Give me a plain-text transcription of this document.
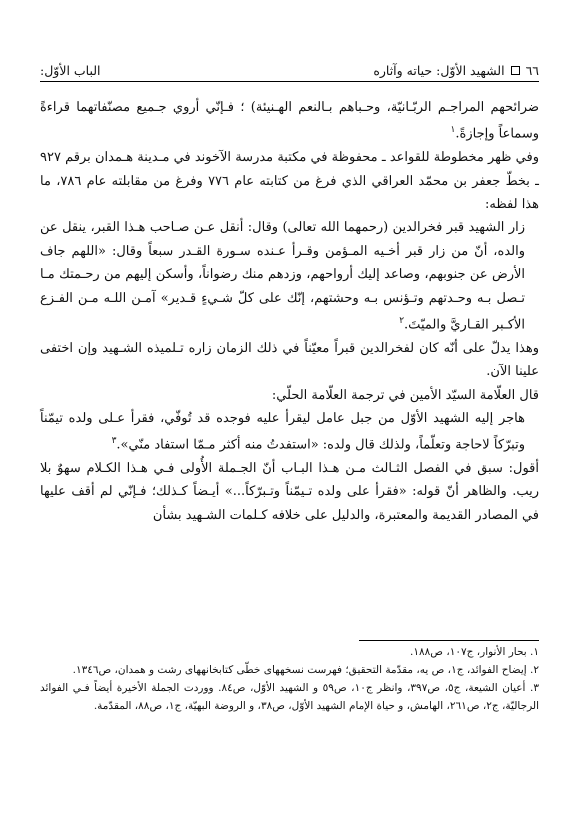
٦٦
الشهيد الأوّل: حياته وآثاره
الباب الأوّل:

ضرائحهم المراجـم الربّـانيّة، وحـباهم بـالنعم الهـنيئة) ؛ فـإنّي أروي جـميع مصنّفاتهما قراءةً وسماعاً وإجازةً.$^١$

وفي ظهر مخطوطة للقواعد ـ محفوظة في مكتبة مدرسة الآخوند في مـدينة هـمدان برقم ٩٢٧ ـ بخطّ جعفر بن محمّد العراقي الذي فرغ من كتابته عام ٧٧٦ وفرغ من مقابلته عام ٧٨٦، ما هذا لفظه:

زار الشهيد قبر فخرالدين (رحمهما الله تعالى) وقال: أنقل عـن صـاحب هـذا القبر، ينقل عن والده، أنّ من زار قبر أخـيه المـؤمن وقـرأ عـنده سـورة القـدر سبعاً وقال: «اللهم جاف الأرض عن جنوبهم، وصاعد إليك أرواحهم، وزدهم منك رضواناً، وأسكن إليهم من رحـمتك مـا تـصل بـه وحـدتهم وتـؤنس بـه وحشتهم، إنّك على كلّ شـيءٍ قـدير» آمـن اللـه مـن الفـزع الأكـبر القـاريَّ والميّتَ.$^٢$

وهذا يدلّ على أنّه كان لفخرالدين قبراً معيّناً في ذلك الزمان زاره تـلميذه الشـهيد وإن اختفى علينا الآن.

قال العلّامة السيّد الأمين في ترجمة العلّامة الحلّي:

هاجر إليه الشهيد الأوّل من جبل عامل ليقرأ عليه فوجده قد تُوفّي، فقرأ عـلى ولده تيمّناً وتبرّكاً لاحاجة وتعلّماً، ولذلك قال ولده: «استفدتُ منه أكثر مـمّا استفاد منّي».$^٣$

أقول: سبق في الفصل الثـالث مـن هـذا البـاب أنّ الجـملة الأُولى فـي هـذا الكـلام سهوٌ بلا ريب. والظاهر أنّ قوله: «فقرأ على ولده تـيمّناً وتـبرّكاً...» أيـضاً كـذلك؛ فـإنّي لم أقف عليها في المصادر القديمة والمعتبرة، والدليل على خلافه كـلمات الشـهيد بشأن

١. بحار الأنوار، ج١٠٧، ص١٨٨.

٢. إيضاح الفوائد، ج١، ص يه، مقدّمة التحقيق؛ فهرست نسخههاى خطّى كتابخانههاى رشت و همدان، ص١٣٤٦.

٣. أعيان الشيعة، ج٥، ص٣٩٧، وانظر ج١٠، ص٥٩ و الشهيد الأوّل، ص٨٤. ووردت الجملة الأخيرة أيضاً فـي الفوائد الرجاليّة، ج٢، ص٢٦١، الهامش، و حياة الإمام الشهيد الأوّل، ص٣٨، و الروضة البهيّة، ج١، ص٨٨، المقدّمة.
